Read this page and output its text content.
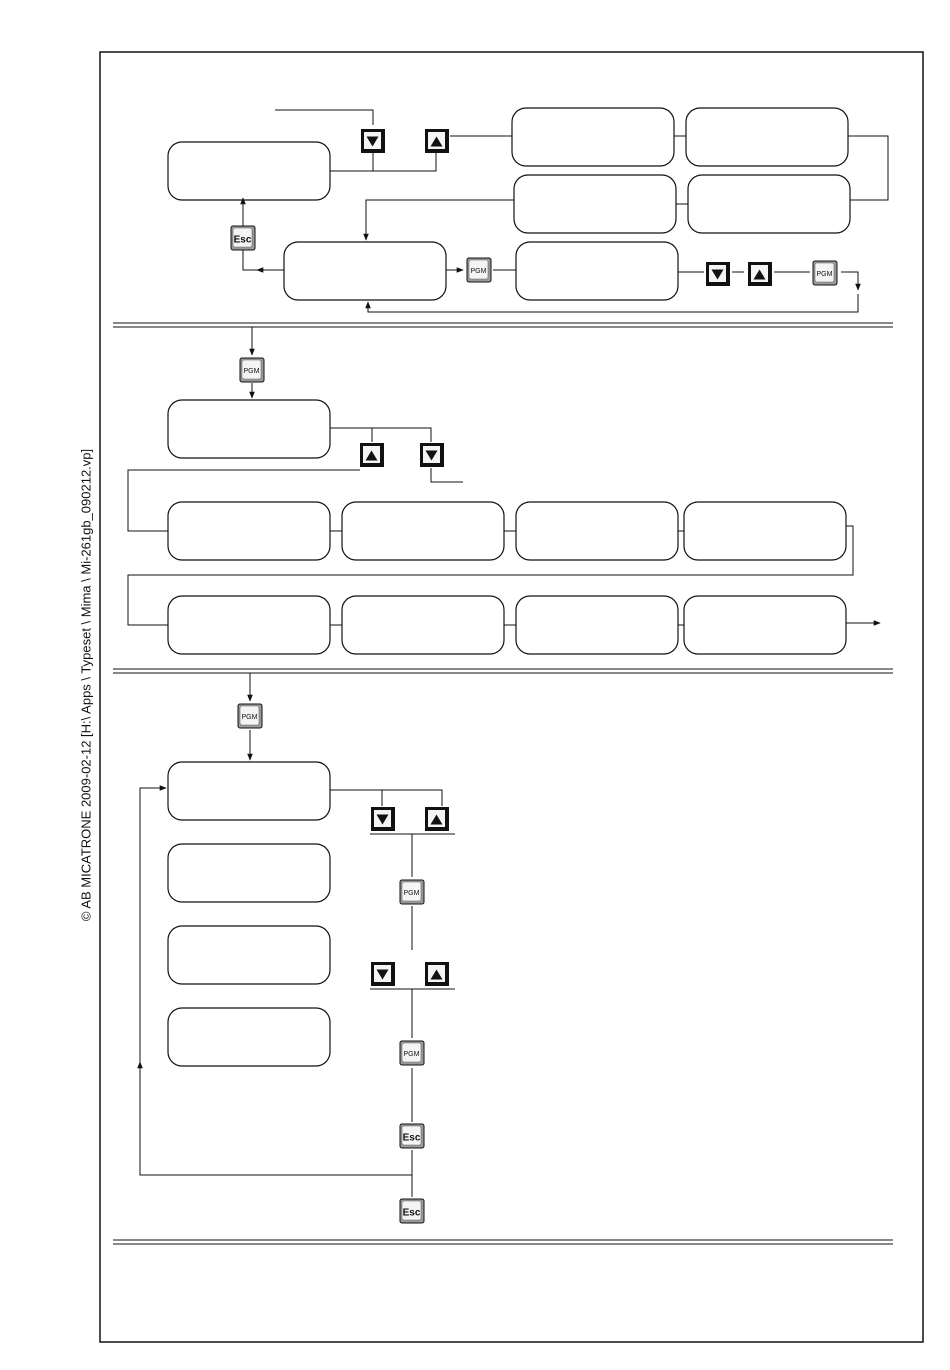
© AB MICATRONE 2009-02-12 [H:\ Apps \ Typeset \ Mima \ Mi-261gb_090212.vp]
Esc
PGM	PGM
PGM
PGM
PGM
PGM
Esc
Esc
